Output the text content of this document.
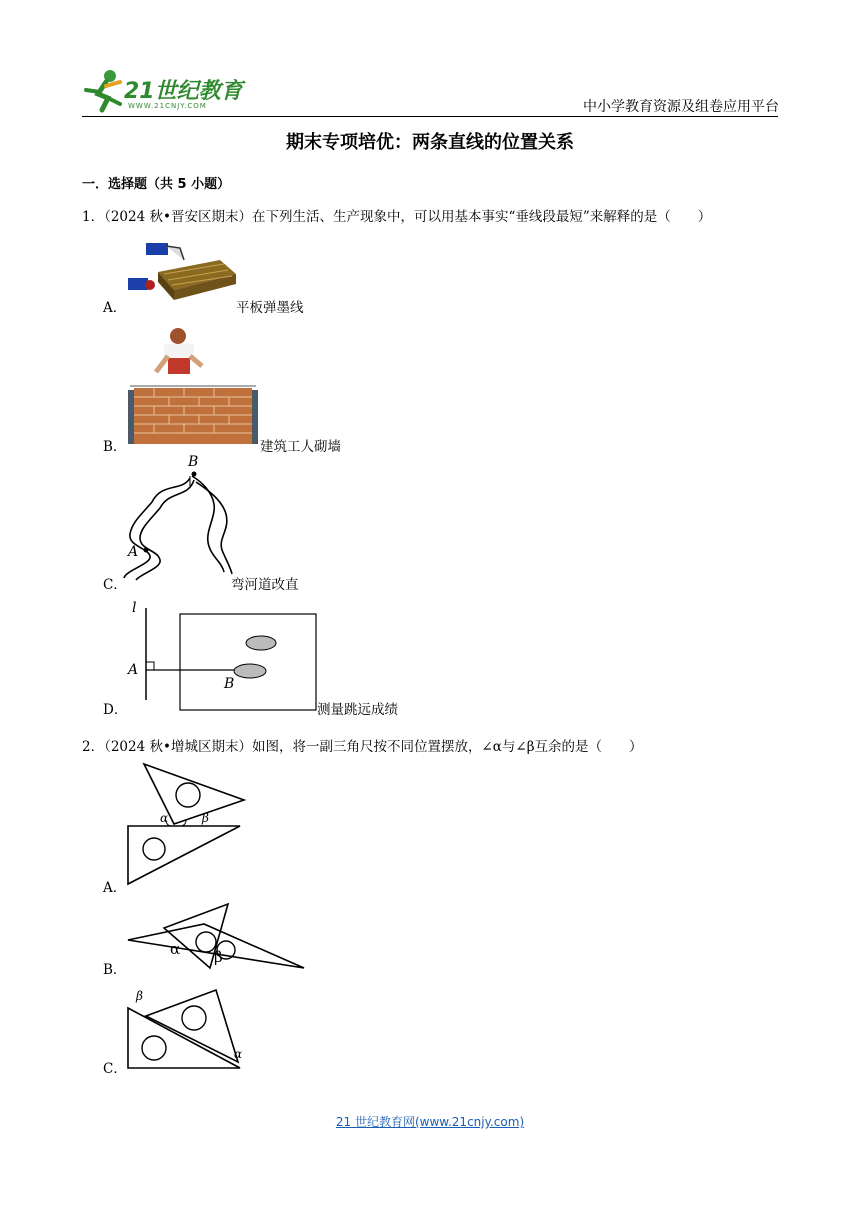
21世纪教育
WWW.21CNJY.COM	中小学教育资源及组卷应用平台
期末专项培优：两条直线的位置关系
一．选择题（共 5 小题）
1．（2024 秋•晋安区期末）在下列生活、生产现象中，可以用基本事实“垂线段最短”来解释的是（　　）
A．	平板弹墨线
B．	建筑工人砌墙
C．
B
A
弯河道改直
D．
l
A
B
测量跳远成绩
2．（2024 秋•增城区期末）如图，将一副三角尺按不同位置摆放，∠α与∠β互余的是（　　）
A．
α	β
B．
α β
C．
β
α
21 世纪教育网(www.21cnjy.com)
